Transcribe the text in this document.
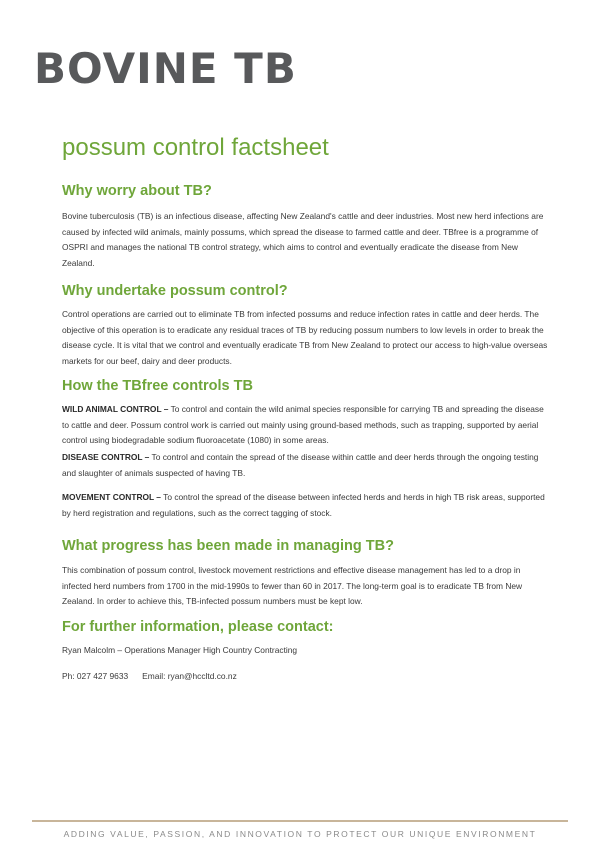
BOVINE TB
possum control factsheet
Why worry about TB?

Bovine tuberculosis (TB) is an infectious disease, affecting New Zealand's cattle and deer industries. Most new herd infections are caused by infected wild animals, mainly possums, which spread the disease to farmed cattle and deer. TBfree is a programme of OSPRI and manages the national TB control strategy, which aims to control and eventually eradicate the disease from New Zealand.

Why undertake possum control?

Control operations are carried out to eliminate TB from infected possums and reduce infection rates in cattle and deer herds. The objective of this operation is to eradicate any residual traces of TB by reducing possum numbers to low levels in order to break the disease cycle. It is vital that we control and eventually eradicate TB from New Zealand to protect our access to high-value overseas markets for our beef, dairy and deer products.

How the TBfree controls TB

WILD ANIMAL CONTROL – To control and contain the wild animal species responsible for carrying TB and spreading the disease to cattle and deer. Possum control work is carried out mainly using ground-based methods, such as trapping, supported by aerial control using biodegradable sodium fluoroacetate (1080) in some areas.

DISEASE CONTROL – To control and contain the spread of the disease within cattle and deer herds through the ongoing testing and slaughter of animals suspected of having TB.

MOVEMENT CONTROL – To control the spread of the disease between infected herds and herds in high TB risk areas, supported by herd registration and regulations, such as the correct tagging of stock.

What progress has been made in managing TB?

This combination of possum control, livestock movement restrictions and effective disease management has led to a drop in infected herd numbers from 1700 in the mid-1990s to fewer than 60 in 2017. The long-term goal is to eradicate TB from New Zealand. In order to achieve this, TB-infected possum numbers must be kept low.

For further information, please contact:

Ryan Malcolm – Operations Manager High Country Contracting

Ph: 027 427 9633 Email: ryan@hccltd.co.nz

ADDING VALUE, PASSION, AND INNOVATION TO PROTECT OUR UNIQUE ENVIRONMENT
